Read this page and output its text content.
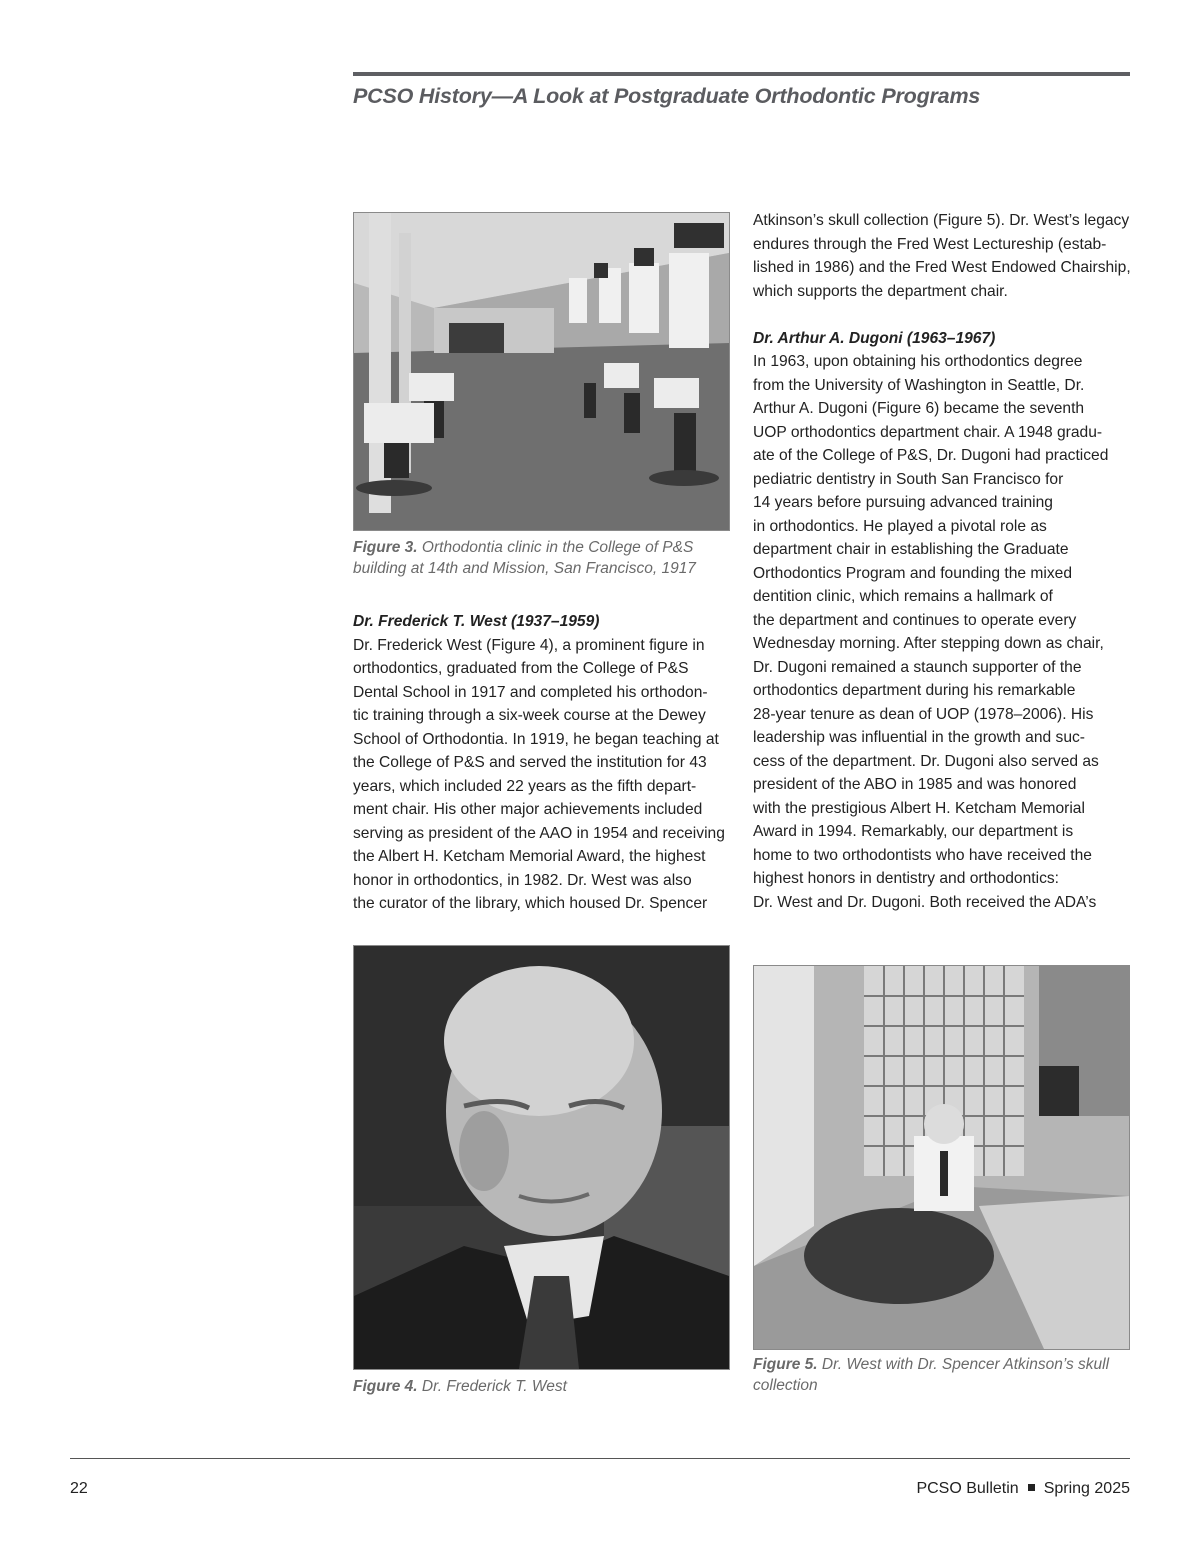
PCSO History—A Look at Postgraduate Orthodontic Programs
Figure 3. Orthodontia clinic in the College of P&S
building at 14th and Mission, San Francisco, 1917
Dr. Frederick T. West (1937–1959)
Dr. Frederick West (Figure 4), a prominent figure in
orthodontics, graduated from the College of P&S
Dental School in 1917 and completed his orthodon-
tic training through a six-week course at the Dewey
School of Orthodontia. In 1919, he began teaching at
the College of P&S and served the institution for 43
years, which included 22 years as the fifth depart-
ment chair. His other major achievements included
serving as president of the AAO in 1954 and receiving
the Albert H. Ketcham Memorial Award, the highest
honor in orthodontics, in 1982. Dr. West was also
the curator of the library, which housed Dr. Spencer
Atkinson’s skull collection (Figure 5). Dr. West’s legacy
endures through the Fred West Lectureship (estab-
lished in 1986) and the Fred West Endowed Chairship,
which supports the department chair.
Dr. Arthur A. Dugoni (1963–1967)
In 1963, upon obtaining his orthodontics degree
from the University of Washington in Seattle, Dr.
Arthur A. Dugoni (Figure 6) became the seventh
UOP orthodontics department chair. A 1948 gradu-
ate of the College of P&S, Dr. Dugoni had practiced
pediatric dentistry in South San Francisco for
14 years before pursuing advanced training
in orthodontics. He played a pivotal role as
department chair in establishing the Graduate
Orthodontics Program and founding the mixed
dentition clinic, which remains a hallmark of
the department and continues to operate every
Wednesday morning. After stepping down as chair,
Dr. Dugoni remained a staunch supporter of the
orthodontics department during his remarkable
28-year tenure as dean of UOP (1978–2006). His
leadership was influential in the growth and suc-
cess of the department. Dr. Dugoni also served as
president of the ABO in 1985 and was honored
with the prestigious Albert H. Ketcham Memorial
Award in 1994. Remarkably, our department is
home to two orthodontists who have received the
highest honors in dentistry and orthodontics:
Dr. West and Dr. Dugoni. Both received the ADA’s
Figure 4. Dr. Frederick T. West
Figure 5. Dr. West with Dr. Spencer Atkinson’s skull
collection
22	PCSO Bulletin Spring 2025
